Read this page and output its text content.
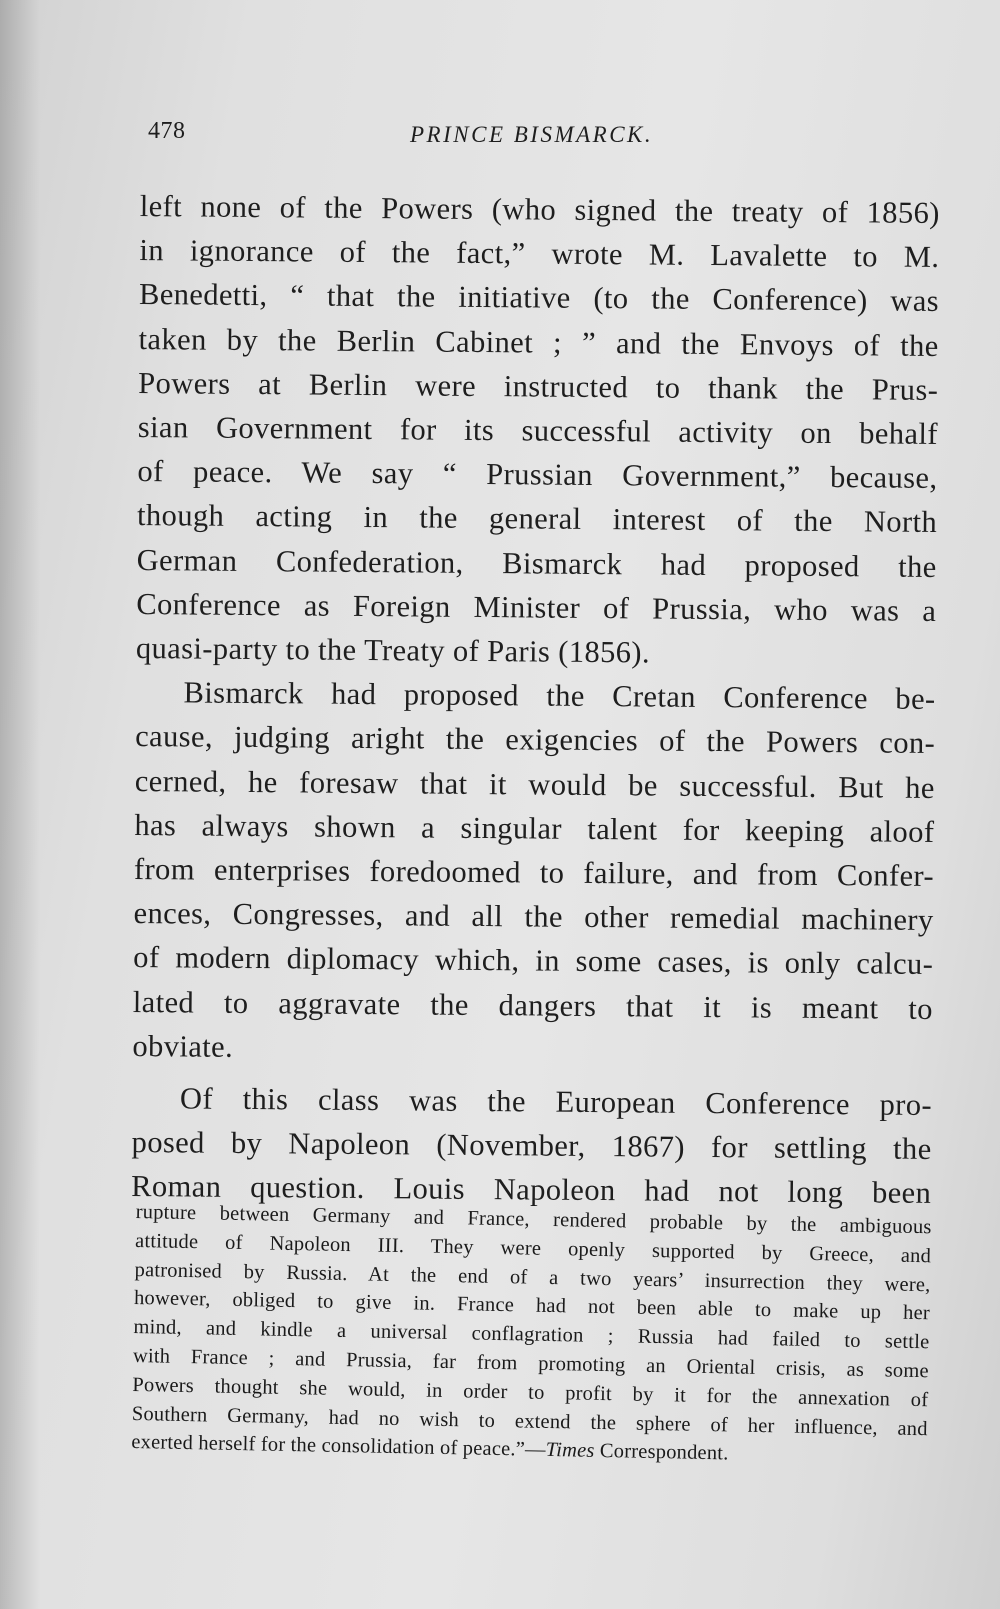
478	PRINCE BISMARCK.
left none of the Powers (who signed the treaty of 1856)
in ignorance of the fact,” wrote M. Lavalette to M.
Benedetti, “ that the initiative (to the Conference) was
taken by the Berlin Cabinet ; ” and the Envoys of the
Powers at Berlin were instructed to thank the Prus-
sian Government for its successful activity on behalf
of peace. We say “ Prussian Government,” because,
though acting in the general interest of the North
German Confederation, Bismarck had proposed the
Conference as Foreign Minister of Prussia, who was a
quasi-party to the Treaty of Paris (1856).
Bismarck had proposed the Cretan Conference be-
cause, judging aright the exigencies of the Powers con-
cerned, he foresaw that it would be successful. But he
has always shown a singular talent for keeping aloof
from enterprises foredoomed to failure, and from Confer-
ences, Congresses, and all the other remedial machinery
of modern diplomacy which, in some cases, is only calcu-
lated to aggravate the dangers that it is meant to
obviate.
Of this class was the European Conference pro-
posed by Napoleon (November, 1867) for settling the
Roman question. Louis Napoleon had not long been
rupture between Germany and France, rendered probable by the ambiguous
attitude of Napoleon III. They were openly supported by Greece, and
patronised by Russia. At the end of a two years’ insurrection they were,
however, obliged to give in. France had not been able to make up her
mind, and kindle a universal conflagration ; Russia had failed to settle
with France ; and Prussia, far from promoting an Oriental crisis, as some
Powers thought she would, in order to profit by it for the annexation of
Southern Germany, had no wish to extend the sphere of her influence, and
exerted herself for the consolidation of peace.”—Times Correspondent.
